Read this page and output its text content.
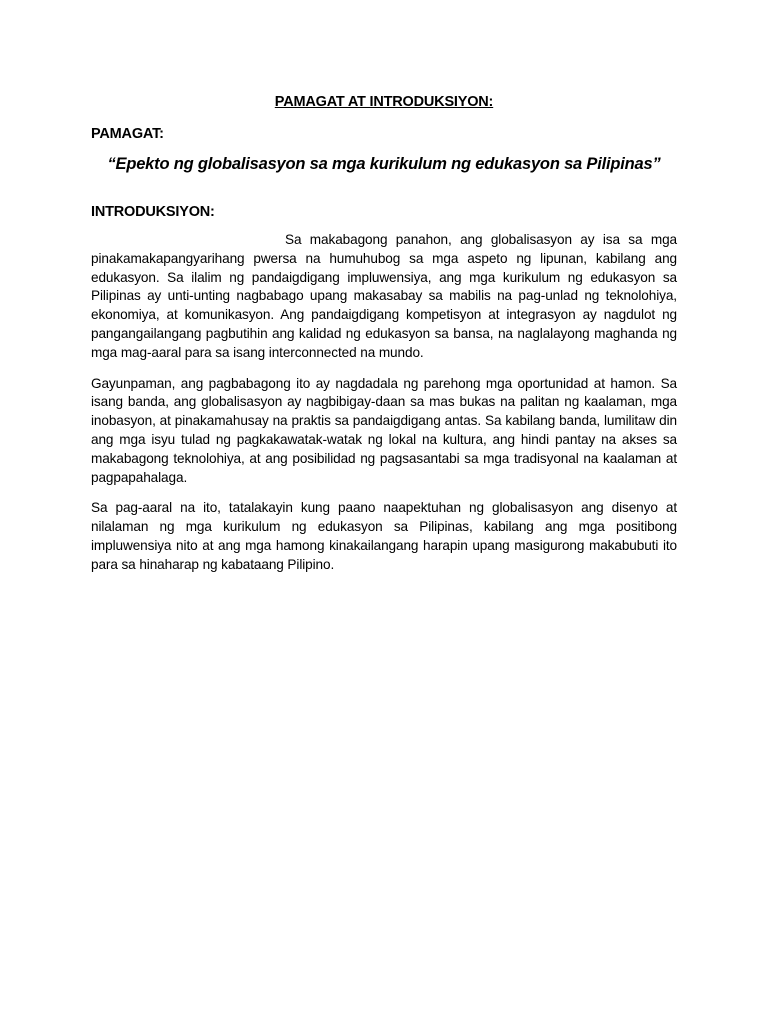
PAMAGAT AT INTRODUKSIYON:

PAMAGAT:

“Epekto ng globalisasyon sa mga kurikulum ng edukasyon sa Pilipinas”

INTRODUKSIYON:

Sa makabagong panahon, ang globalisasyon ay isa sa mga pinakamakapangyarihang pwersa na humuhubog sa mga aspeto ng lipunan, kabilang ang edukasyon. Sa ilalim ng pandaigdigang impluwensiya, ang mga kurikulum ng edukasyon sa Pilipinas ay unti-unting nagbabago upang makasabay sa mabilis na pag-unlad ng teknolohiya, ekonomiya, at komunikasyon. Ang pandaigdigang kompetisyon at integrasyon ay nagdulot ng pangangailangang pagbutihin ang kalidad ng edukasyon sa bansa, na naglalayong maghanda ng mga mag-aaral para sa isang interconnected na mundo.

Gayunpaman, ang pagbabagong ito ay nagdadala ng parehong mga oportunidad at hamon. Sa isang banda, ang globalisasyon ay nagbibigay-daan sa mas bukas na palitan ng kaalaman, mga inobasyon, at pinakamahusay na praktis sa pandaigdigang antas. Sa kabilang banda, lumilitaw din ang mga isyu tulad ng pagkakawatak-watak ng lokal na kultura, ang hindi pantay na akses sa makabagong teknolohiya, at ang posibilidad ng pagsasantabi sa mga tradisyonal na kaalaman at pagpapahalaga.

Sa pag-aaral na ito, tatalakayin kung paano naapektuhan ng globalisasyon ang disenyo at nilalaman ng mga kurikulum ng edukasyon sa Pilipinas, kabilang ang mga positibong impluwensiya nito at ang mga hamong kinakailangang harapin upang masigurong makabubuti ito para sa hinaharap ng kabataang Pilipino.
